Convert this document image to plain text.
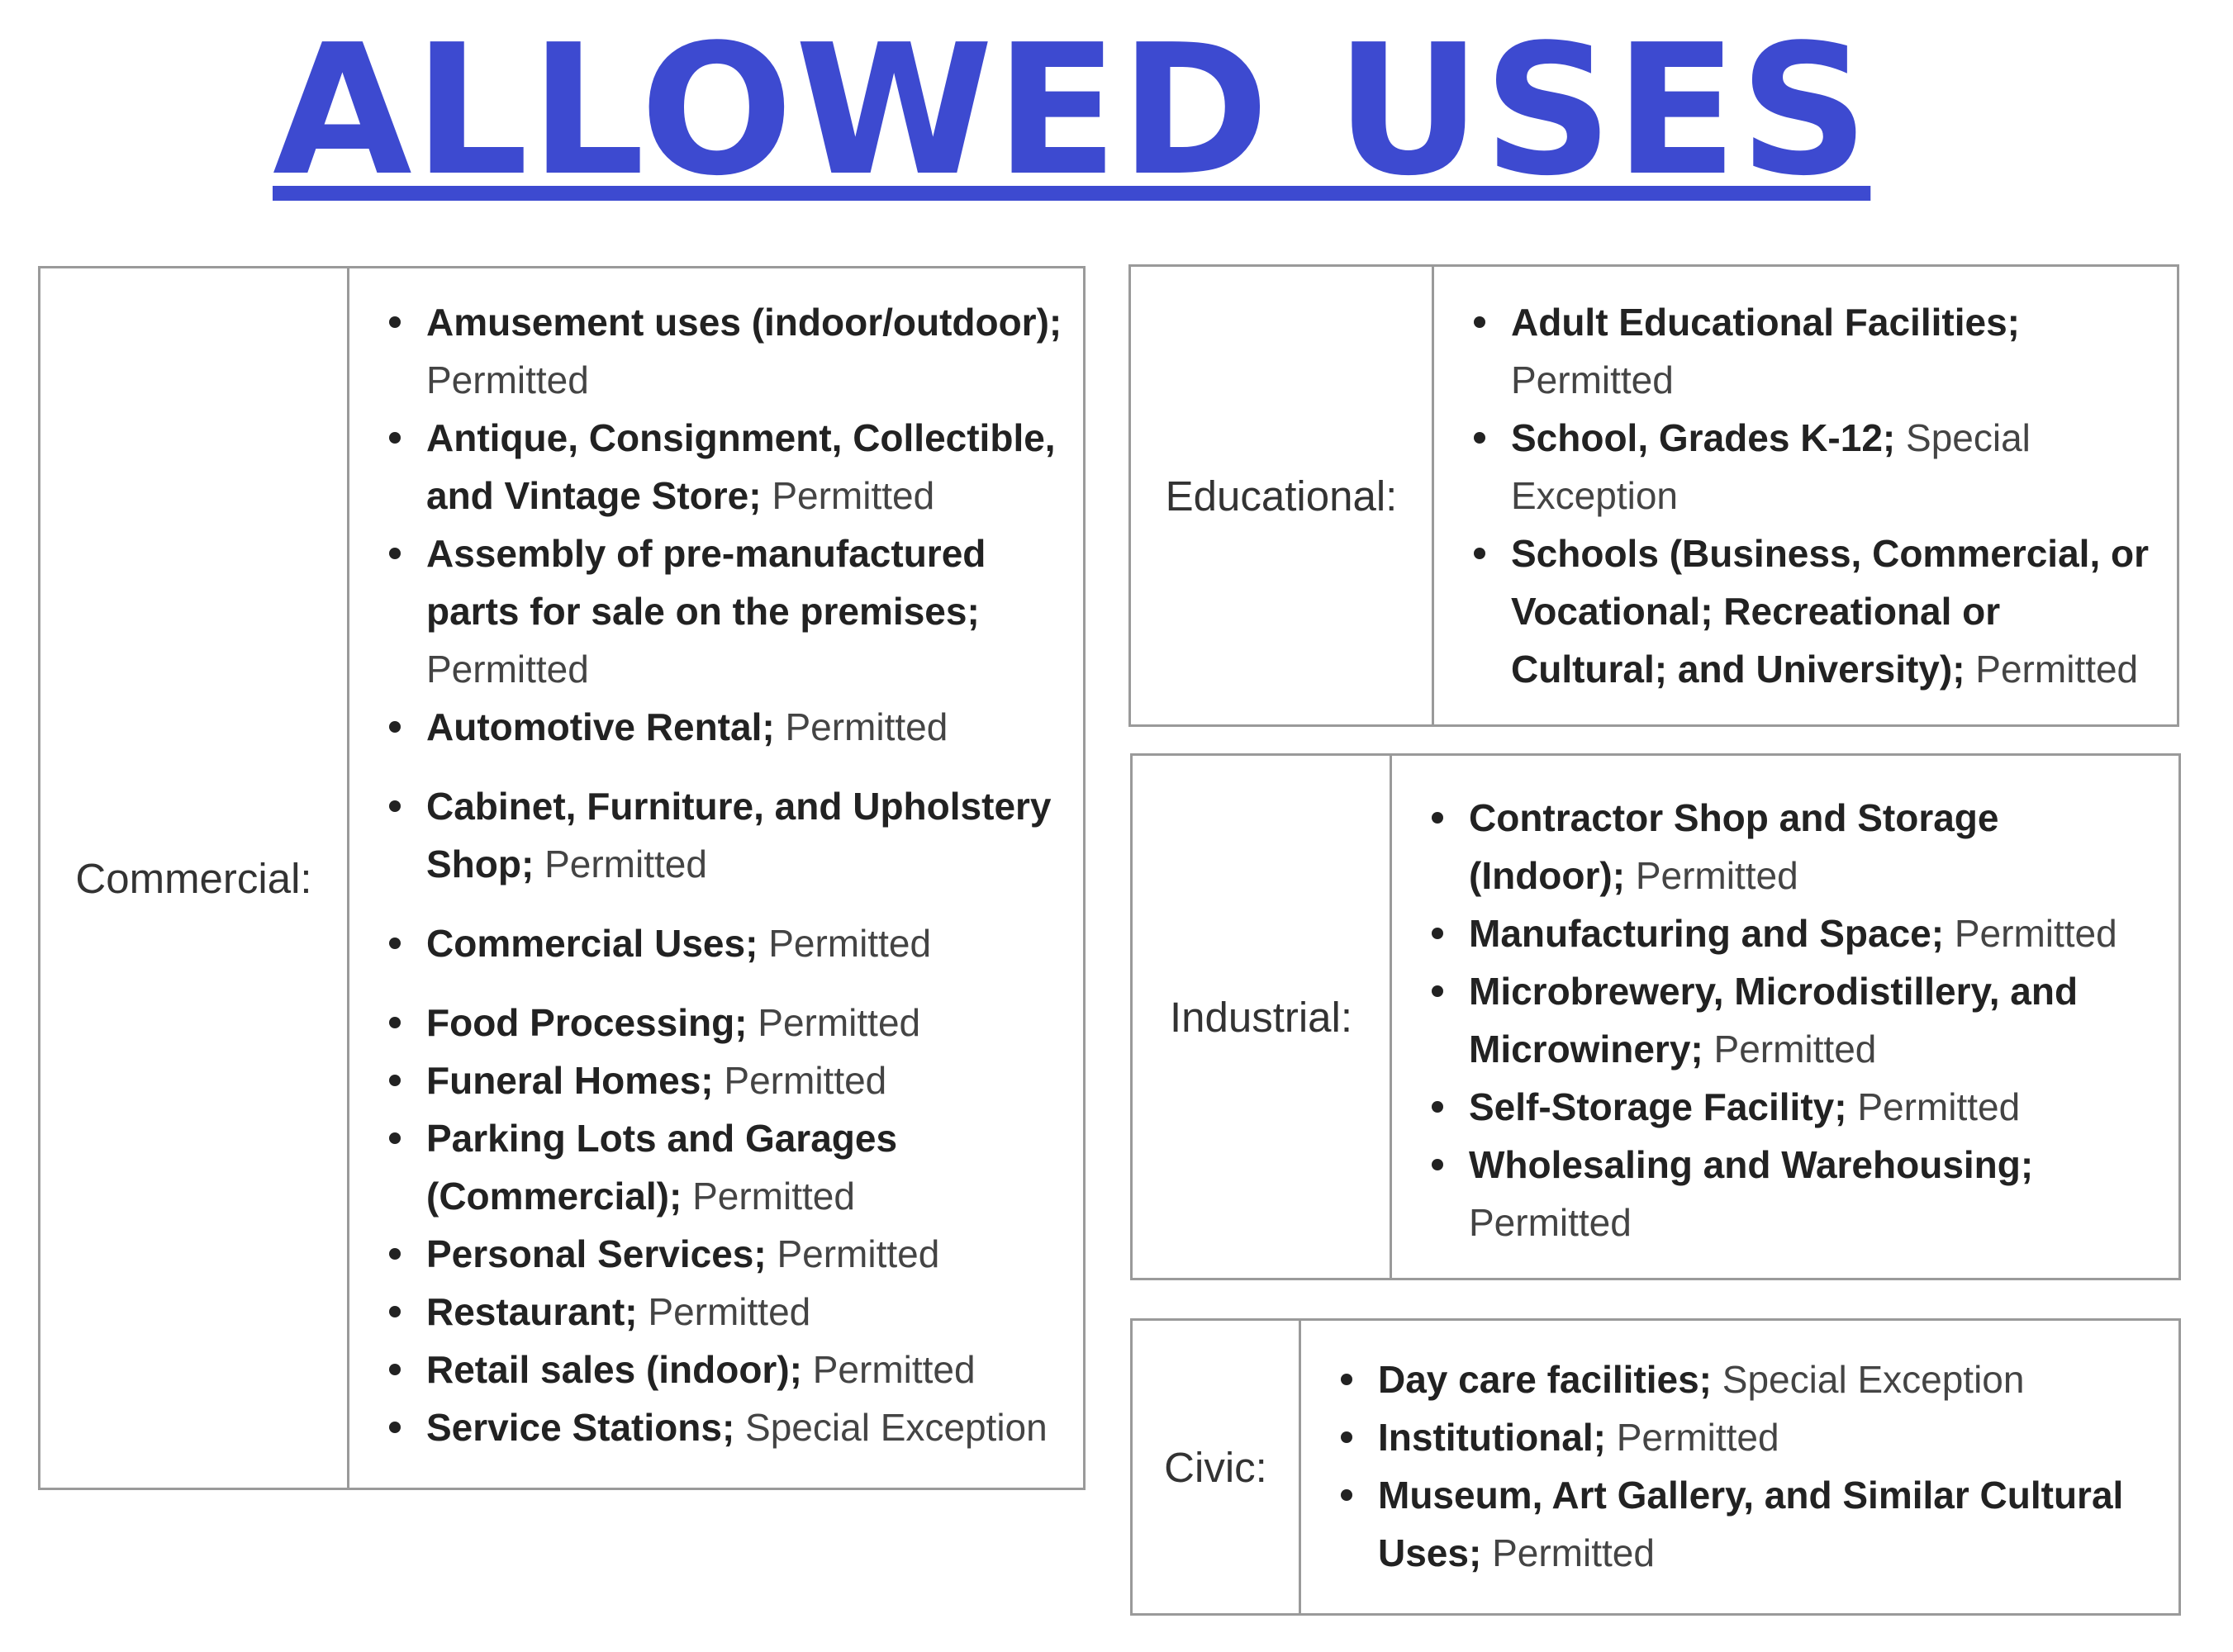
ALLOWED USES
Commercial:
Amusement uses (indoor/outdoor); Permitted
Antique, Consignment, Collectible, and Vintage Store; Permitted
Assembly of pre-manufactured parts for sale on the premises; Permitted
Automotive Rental; Permitted
Cabinet, Furniture, and Upholstery Shop; Permitted
Commercial Uses; Permitted
Food Processing; Permitted
Funeral Homes; Permitted
Parking Lots and Garages (Commercial); Permitted
Personal Services; Permitted
Restaurant; Permitted
Retail sales (indoor); Permitted
Service Stations; Special Exception
Educational:
Adult Educational Facilities; Permitted
School, Grades K-12; Special Exception
Schools (Business, Commercial, or Vocational; Recreational or Cultural; and University); Permitted
Industrial:
Contractor Shop and Storage (Indoor); Permitted
Manufacturing and Space; Permitted
Microbrewery, Microdistillery, and Microwinery; Permitted
Self-Storage Facility; Permitted
Wholesaling and Warehousing; Permitted
Civic:
Day care facilities; Special Exception
Institutional; Permitted
Museum, Art Gallery, and Similar Cultural Uses; Permitted
